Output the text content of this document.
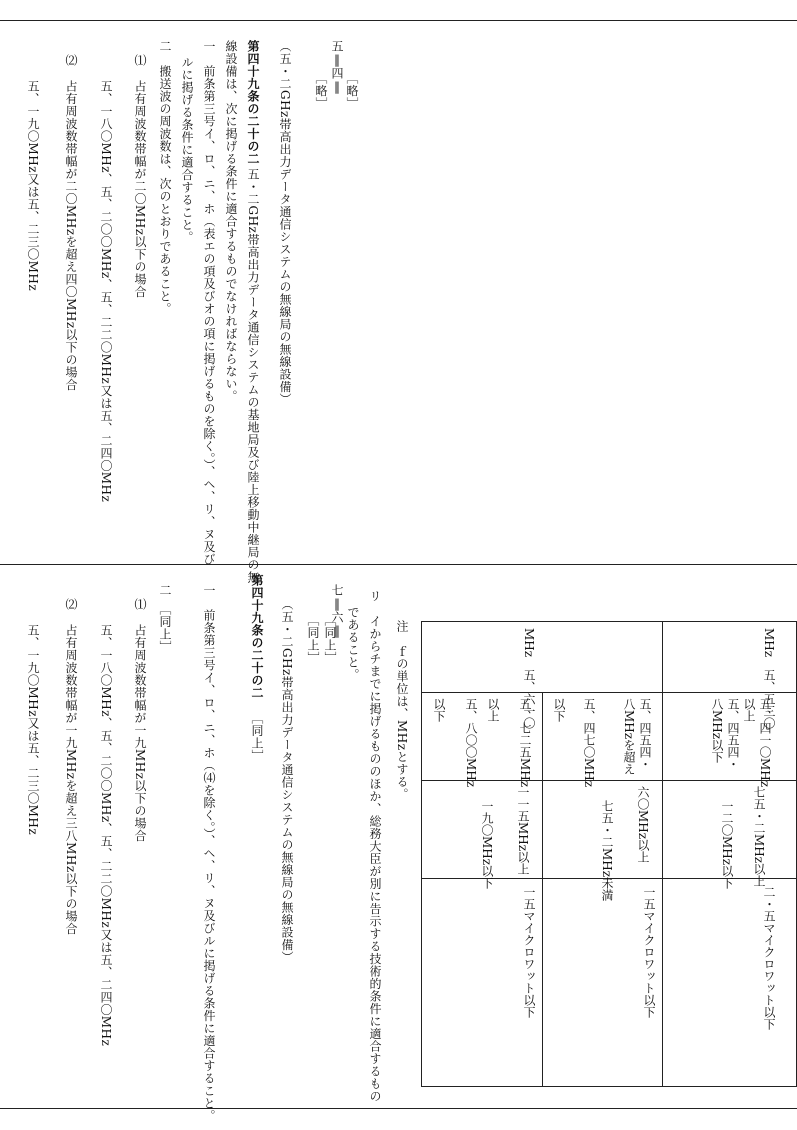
五‖四‖ ［略］
［略］
（五・二GHz帯高出力データ通信システムの無線局の無線設備）
第四十九条の二十の二
五・二GHz帯高出力データ通信システムの基地局及び陸上移動中継局の無
線設備は、次に掲げる条件に適合するものでなければならない。
一　前条第三号イ、ロ、ニ、ホ（表エの項及びオの項に掲げるものを除く。）、ヘ、リ、ヌ及び
ルに掲げる条件に適合すること。
二　搬送波の周波数は、次のとおりであること。
⑴
占有周波数帯幅が二〇MHz以下の場合
五、一八〇MHz、五、二〇〇MHz、五、二二〇MHz又は五、二四〇MHz
⑵
占有周波数帯幅が二〇MHzを超え四〇MHz以下の場合
五、一九〇MHz又は五、二三〇MHz
注　ｆの単位は、
MHzとする。
リ　イからチまでに掲げるもののほか、総務大臣が別に告示する技術的条件に適合するもの
であること。
七‖六‖
［同上］
［同上］
（五・二GHz帯高出力データ通信システムの無線局の無線設備）
第四十九条の二十の二
［同上］
一　前条第三号イ、ロ、ニ、ホ（⑷を除く。）、ヘ、リ、ヌ及びルに掲げる条件に適合すること。
二　［同上］
⑴
占有周波数帯幅が一九MHz以下の場合
五、一八〇MHz、五、二〇〇MHz、五、二二〇MHz又は五、二四〇MHz
⑵
占有周波数帯幅が一九MHzを超え三八MHz以下の場合
五、一九〇MHz又は五、二三〇MHz	MHz　五、五三〇
MHz　五、六一〇
五、四一〇MHz
以上
五、四五四・
八MHz以下
五、四五四・
八MHzを超え
五、四七〇MHz
以下
五、七二五MHz
以上
五、八〇〇MHz
以下
七五・二MHz以上
一二〇MHz以下
六〇MHz以上
七五・二MHz未満
一一五MHz以上
一九〇MHz以下
二・五マイクロワット以下
一五マイクロワット以下
一五マイクロワット以下
